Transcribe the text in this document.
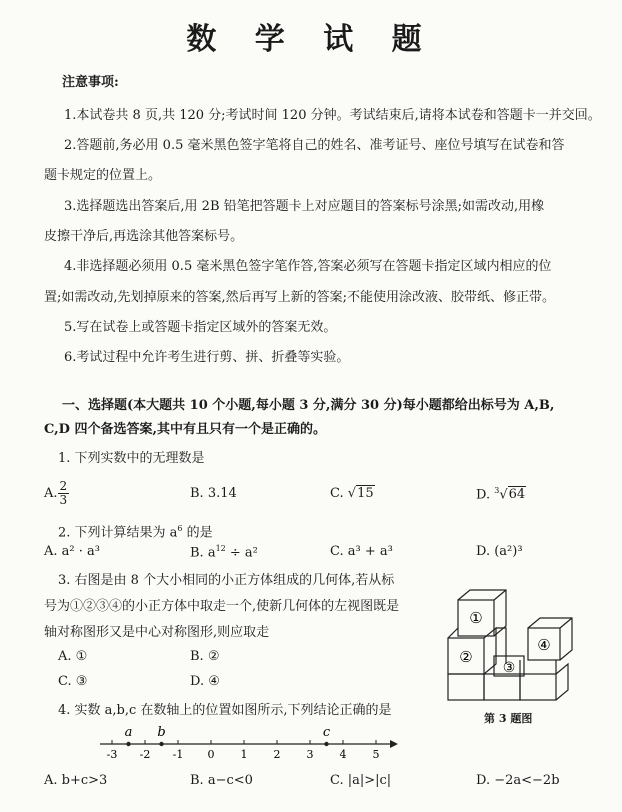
数 学 试 题
注意事项:
1.本试卷共 8 页,共 120 分;考试时间 120 分钟。考试结束后,请将本试卷和答题卡一并交回。
2.答题前,务必用 0.5 毫米黑色签字笔将自己的姓名、准考证号、座位号填写在试卷和答
题卡规定的位置上。
3.选择题选出答案后,用 2B 铅笔把答题卡上对应题目的答案标号涂黑;如需改动,用橡
皮擦干净后,再选涂其他答案标号。
4.非选择题必须用 0.5 毫米黑色签字笔作答,答案必须写在答题卡指定区域内相应的位
置;如需改动,先划掉原来的答案,然后再写上新的答案;不能使用涂改液、胶带纸、修正带。
5.写在试卷上或答题卡指定区域外的答案无效。
6.考试过程中允许考生进行剪、拼、折叠等实验。
一、选择题(本大题共 10 个小题,每小题 3 分,满分 30 分)每小题都给出标号为 A,B,
C,D 四个备选答案,其中有且只有一个是正确的。
1. 下列实数中的无理数是
A. $\frac{2}{3}$	B. 3.14	C. √15	D. $^3$√64
2. 下列计算结果为 $a^6$ 的是
A. a² · a³	B. $a^{12} \div a^2$	C. a³ + a³	D. (a²)³
3. 右图是由 8 个大小相同的小正方体组成的几何体,若从标
号为①②③④的小正方体中取走一个,使新几何体的左视图既是
轴对称图形又是中心对称图形,则应取走
A. ①	B. ②
C. ③	D. ④
①
②
③
④
第 3 题图
4. 实数 a,b,c 在数轴上的位置如图所示,下列结论正确的是
-3 -2 -1 0 1 2 3 4 5
a b	c
A. b+c>3	B. a−c<0	C. |a|>|c|	D. −2a<−2b
